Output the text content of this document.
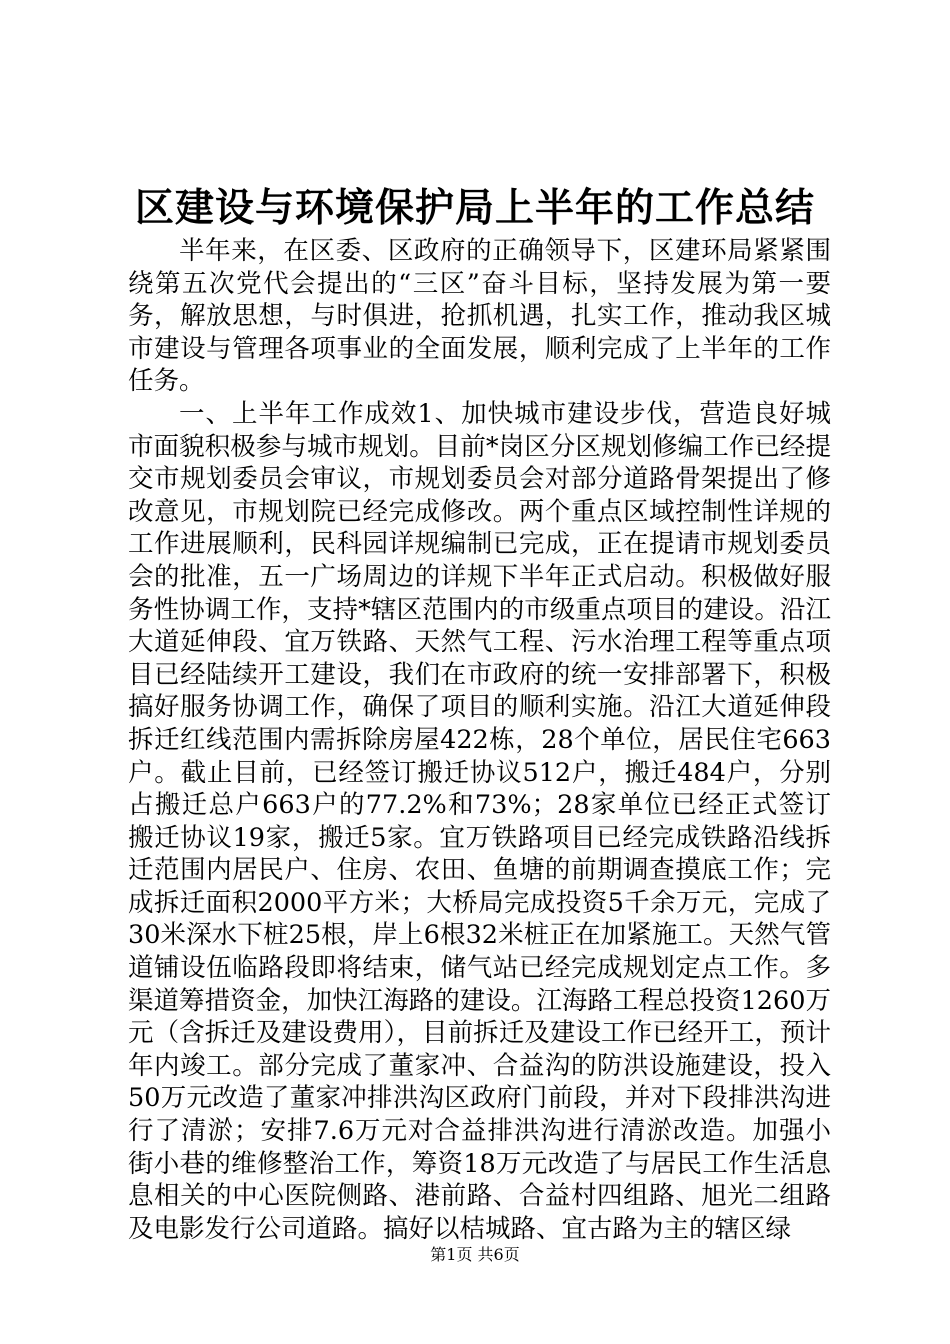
区建设与环境保护局上半年的工作总结

半年来，在区委、区政府的正确领导下，区建环局紧紧围绕第五次党代会提出的“三区”奋斗目标，坚持发展为第一要务，解放思想，与时俱进，抢抓机遇，扎实工作，推动我区城市建设与管理各项事业的全面发展，顺利完成了上半年的工作任务。

一、上半年工作成效1、加快城市建设步伐，营造良好城市面貌积极参与城市规划。目前*岗区分区规划修编工作已经提交市规划委员会审议，市规划委员会对部分道路骨架提出了修改意见，市规划院已经完成修改。两个重点区域控制性详规的工作进展顺利，民科园详规编制已完成，正在提请市规划委员会的批准，五一广场周边的详规下半年正式启动。积极做好服务性协调工作，支持*辖区范围内的市级重点项目的建设。沿江大道延伸段、宜万铁路、天然气工程、污水治理工程等重点项目已经陆续开工建设，我们在市政府的统一安排部署下，积极搞好服务协调工作，确保了项目的顺利实施。沿江大道延伸段拆迁红线范围内需拆除房屋422栋，28个单位，居民住宅663户。截止目前，已经签订搬迁协议512户，搬迁484户，分别占搬迁总户663户的77.2%和73%；28家单位已经正式签订搬迁协议19家，搬迁5家。宜万铁路项目已经完成铁路沿线拆迁范围内居民户、住房、农田、鱼塘的前期调查摸底工作；完成拆迁面积2000平方米；大桥局完成投资5千余万元，完成了30米深水下桩25根，岸上6根32米桩正在加紧施工。天然气管道铺设伍临路段即将结束，储气站已经完成规划定点工作。多渠道筹措资金，加快江海路的建设。江海路工程总投资1260万元（含拆迁及建设费用），目前拆迁及建设工作已经开工，预计年内竣工。部分完成了董家冲、合益沟的防洪设施建设，投入50万元改造了董家冲排洪沟区政府门前段，并对下段排洪沟进行了清淤；安排7.6万元对合益排洪沟进行清淤改造。加强小街小巷的维修整治工作，筹资18万元改造了与居民工作生活息息相关的中心医院侧路、港前路、合益村四组路、旭光二组路及电影发行公司道路。搞好以桔城路、宜古路为主的辖区绿

第1页 共6页
